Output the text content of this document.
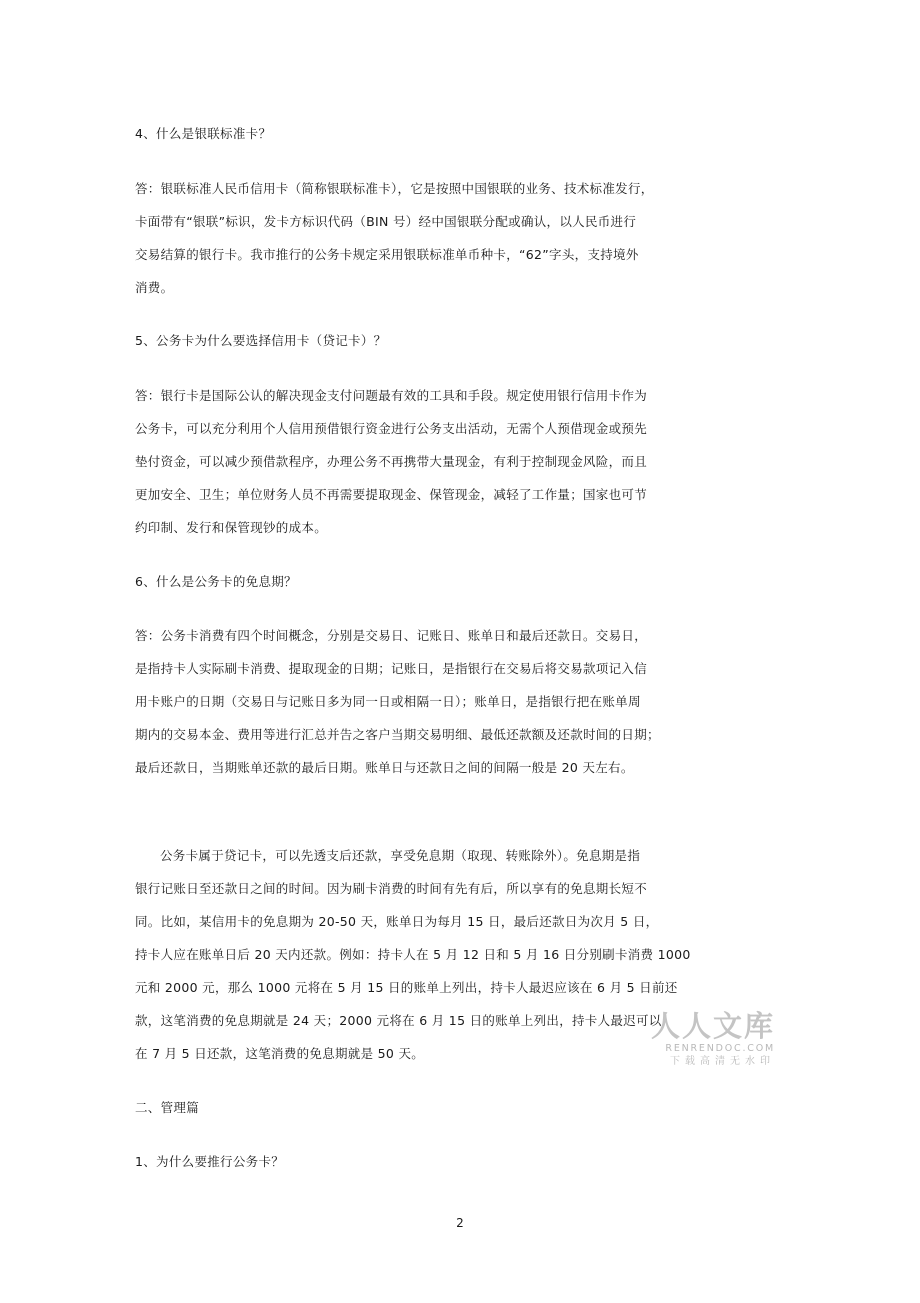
4、什么是银联标准卡？
答：银联标准人民币信用卡（简称银联标准卡），它是按照中国银联的业务、技术标准发行，
卡面带有“银联”标识，发卡方标识代码（BIN 号）经中国银联分配或确认，以人民币进行
交易结算的银行卡。我市推行的公务卡规定采用银联标准单币种卡，“62”字头，支持境外
消费。
5、公务卡为什么要选择信用卡（贷记卡）？
答：银行卡是国际公认的解决现金支付问题最有效的工具和手段。规定使用银行信用卡作为
公务卡，可以充分利用个人信用预借银行资金进行公务支出活动，无需个人预借现金或预先
垫付资金，可以减少预借款程序，办理公务不再携带大量现金，有利于控制现金风险，而且
更加安全、卫生；单位财务人员不再需要提取现金、保管现金，减轻了工作量；国家也可节
约印制、发行和保管现钞的成本。
6、什么是公务卡的免息期？
答：公务卡消费有四个时间概念，分别是交易日、记账日、账单日和最后还款日。交易日，
是指持卡人实际刷卡消费、提取现金的日期；记账日，是指银行在交易后将交易款项记入信
用卡账户的日期（交易日与记账日多为同一日或相隔一日）；账单日，是指银行把在账单周
期内的交易本金、费用等进行汇总并告之客户当期交易明细、最低还款额及还款时间的日期；
最后还款日，当期账单还款的最后日期。账单日与还款日之间的间隔一般是 20 天左右。
公务卡属于贷记卡，可以先透支后还款，享受免息期（取现、转账除外）。免息期是指
银行记账日至还款日之间的时间。因为刷卡消费的时间有先有后，所以享有的免息期长短不
同。比如，某信用卡的免息期为 20-50 天，账单日为每月 15 日，最后还款日为次月 5 日，
持卡人应在账单日后 20 天内还款。例如：持卡人在 5 月 12 日和 5 月 16 日分别刷卡消费 1000
元和 2000 元，那么 1000 元将在 5 月 15 日的账单上列出，持卡人最迟应该在 6 月 5 日前还
款，这笔消费的免息期就是 24 天；2000 元将在 6 月 15 日的账单上列出，持卡人最迟可以
在 7 月 5 日还款，这笔消费的免息期就是 50 天。
二、管理篇
1、为什么要推行公务卡？
2
人人文库
RENRENDOC.COM
下载高清无水印
